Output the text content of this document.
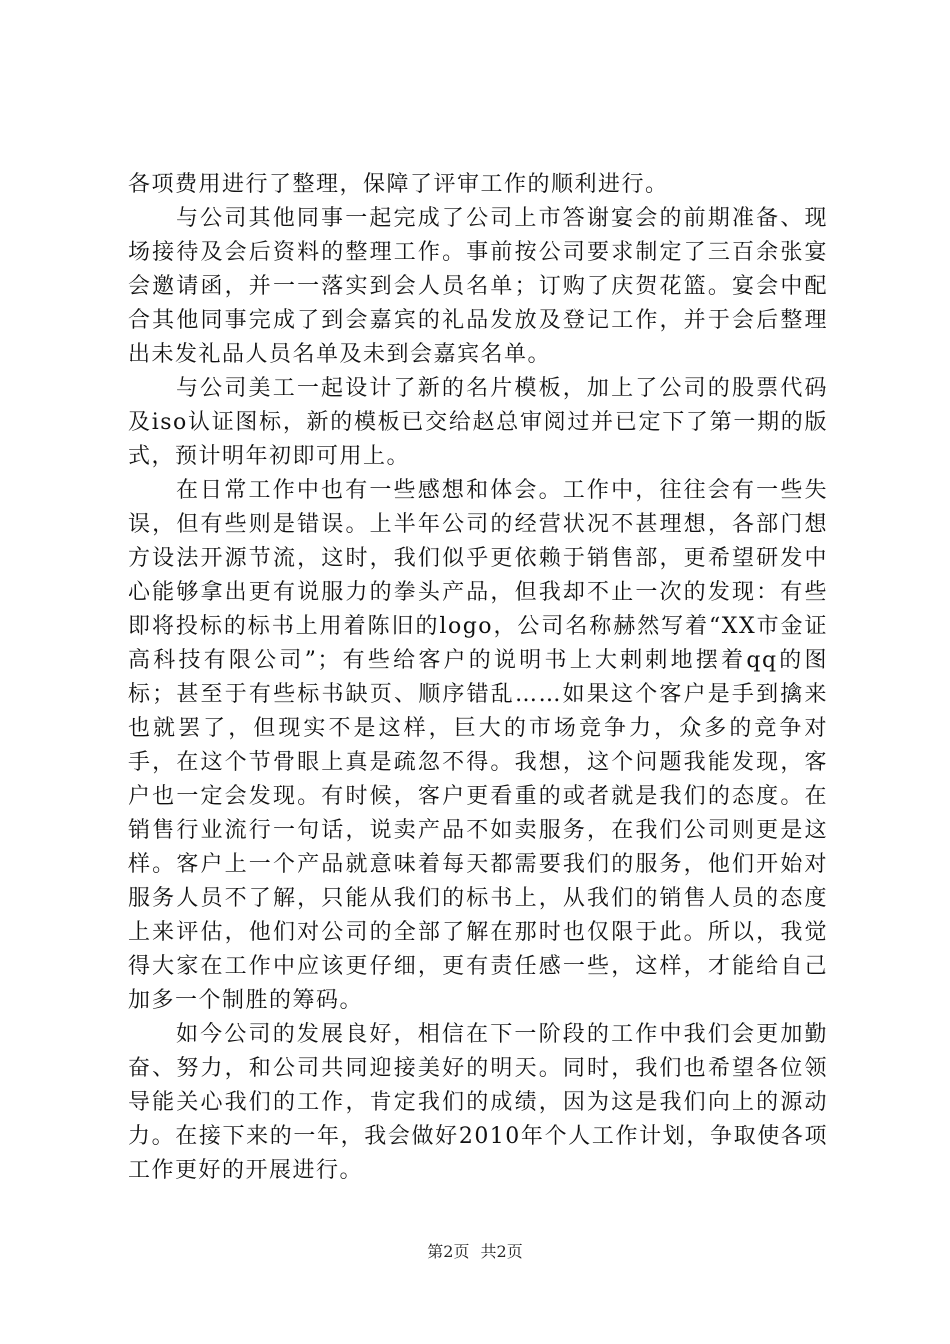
各项费用进行了整理，保障了评审工作的顺利进行。

与公司其他同事一起完成了公司上市答谢宴会的前期准备、现场接待及会后资料的整理工作。事前按公司要求制定了三百余张宴会邀请函，并一一落实到会人员名单；订购了庆贺花篮。宴会中配合其他同事完成了到会嘉宾的礼品发放及登记工作，并于会后整理出未发礼品人员名单及未到会嘉宾名单。

与公司美工一起设计了新的名片模板，加上了公司的股票代码及iso认证图标，新的模板已交给赵总审阅过并已定下了第一期的版式，预计明年初即可用上。

在日常工作中也有一些感想和体会。工作中，往往会有一些失误，但有些则是错误。上半年公司的经营状况不甚理想，各部门想方设法开源节流，这时，我们似乎更依赖于销售部，更希望研发中心能够拿出更有说服力的拳头产品，但我却不止一次的发现：有些即将投标的标书上用着陈旧的logo，公司名称赫然写着“XX市金证高科技有限公司”；有些给客户的说明书上大剌剌地摆着qq的图标；甚至于有些标书缺页、顺序错乱……如果这个客户是手到擒来也就罢了，但现实不是这样，巨大的市场竞争力，众多的竞争对手，在这个节骨眼上真是疏忽不得。我想，这个问题我能发现，客户也一定会发现。有时候，客户更看重的或者就是我们的态度。在销售行业流行一句话，说卖产品不如卖服务，在我们公司则更是这样。客户上一个产品就意味着每天都需要我们的服务，他们开始对服务人员不了解，只能从我们的标书上，从我们的销售人员的态度上来评估，他们对公司的全部了解在那时也仅限于此。所以，我觉得大家在工作中应该更仔细，更有责任感一些，这样，才能给自己加多一个制胜的筹码。

如今公司的发展良好，相信在下一阶段的工作中我们会更加勤奋、努力，和公司共同迎接美好的明天。同时，我们也希望各位领导能关心我们的工作，肯定我们的成绩，因为这是我们向上的源动力。在接下来的一年，我会做好2010年个人工作计划，争取使各项工作更好的开展进行。

第2页 共2页
